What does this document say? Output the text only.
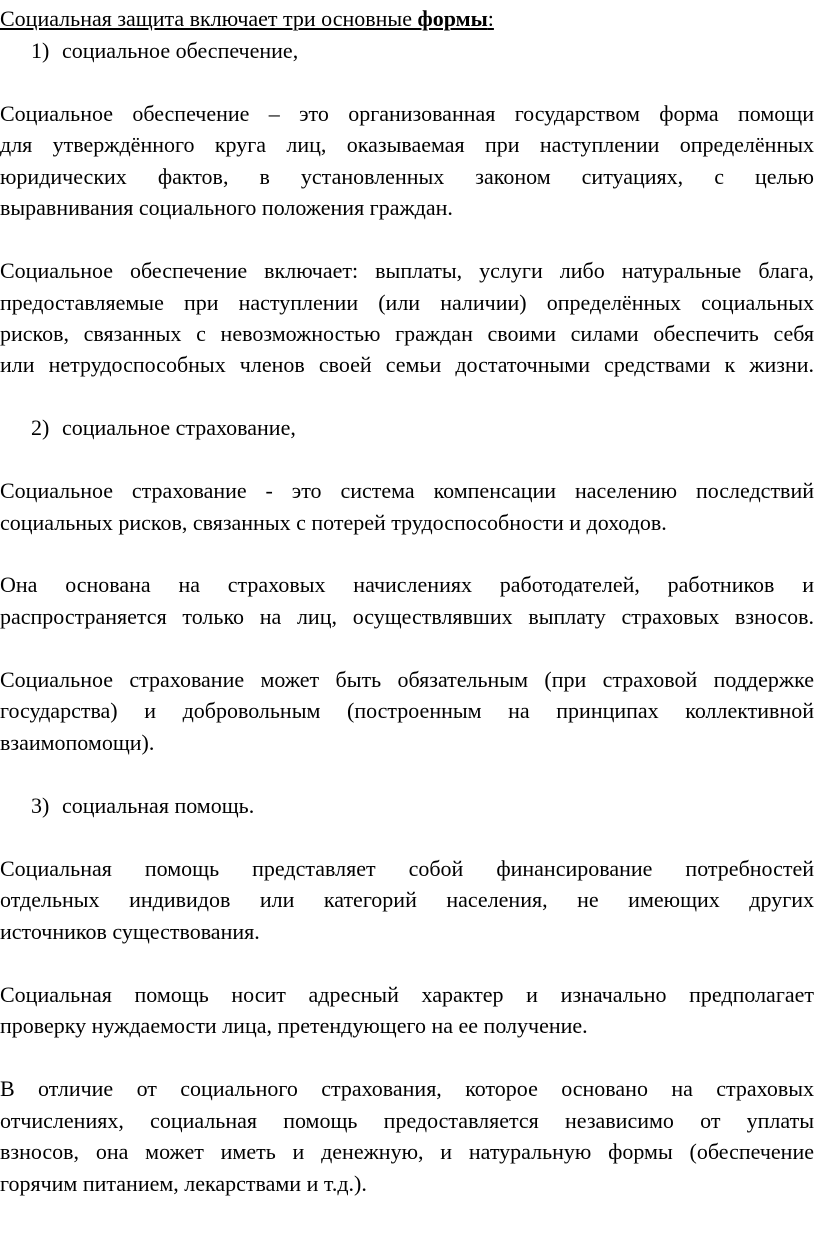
Социальная защита включает три основные формы:
1) социальное обеспечение,
Социальное обеспечение – это организованная государством форма помощи
для утверждённого круга лиц, оказываемая при наступлении определённых
юридических фактов, в установленных законом ситуациях, с целью
выравнивания социального положения граждан.
Социальное обеспечение включает: выплаты, услуги либо натуральные блага,
предоставляемые при наступлении (или наличии) определённых социальных
рисков, связанных с невозможностью граждан своими силами обеспечить себя
или нетрудоспособных членов своей семьи достаточными средствами к жизни.
2) социальное страхование,
Социальное страхование - это система компенсации населению последствий
социальных рисков, связанных с потерей трудоспособности и доходов.
Она основана на страховых начислениях работодателей, работников и
распространяется только на лиц, осуществлявших выплату страховых взносов.
Социальное страхование может быть обязательным (при страховой поддержке
государства) и добровольным (построенным на принципах коллективной
взаимопомощи).
3) социальная помощь.
Социальная помощь представляет собой финансирование потребностей
отдельных индивидов или категорий населения, не имеющих других
источников существования.
Социальная помощь носит адресный характер и изначально предполагает
проверку нуждаемости лица, претендующего на ее получение.
В отличие от социального страхования, которое основано на страховых
отчислениях, социальная помощь предоставляется независимо от уплаты
взносов, она может иметь и денежную, и натуральную формы (обеспечение
горячим питанием, лекарствами и т.д.).
